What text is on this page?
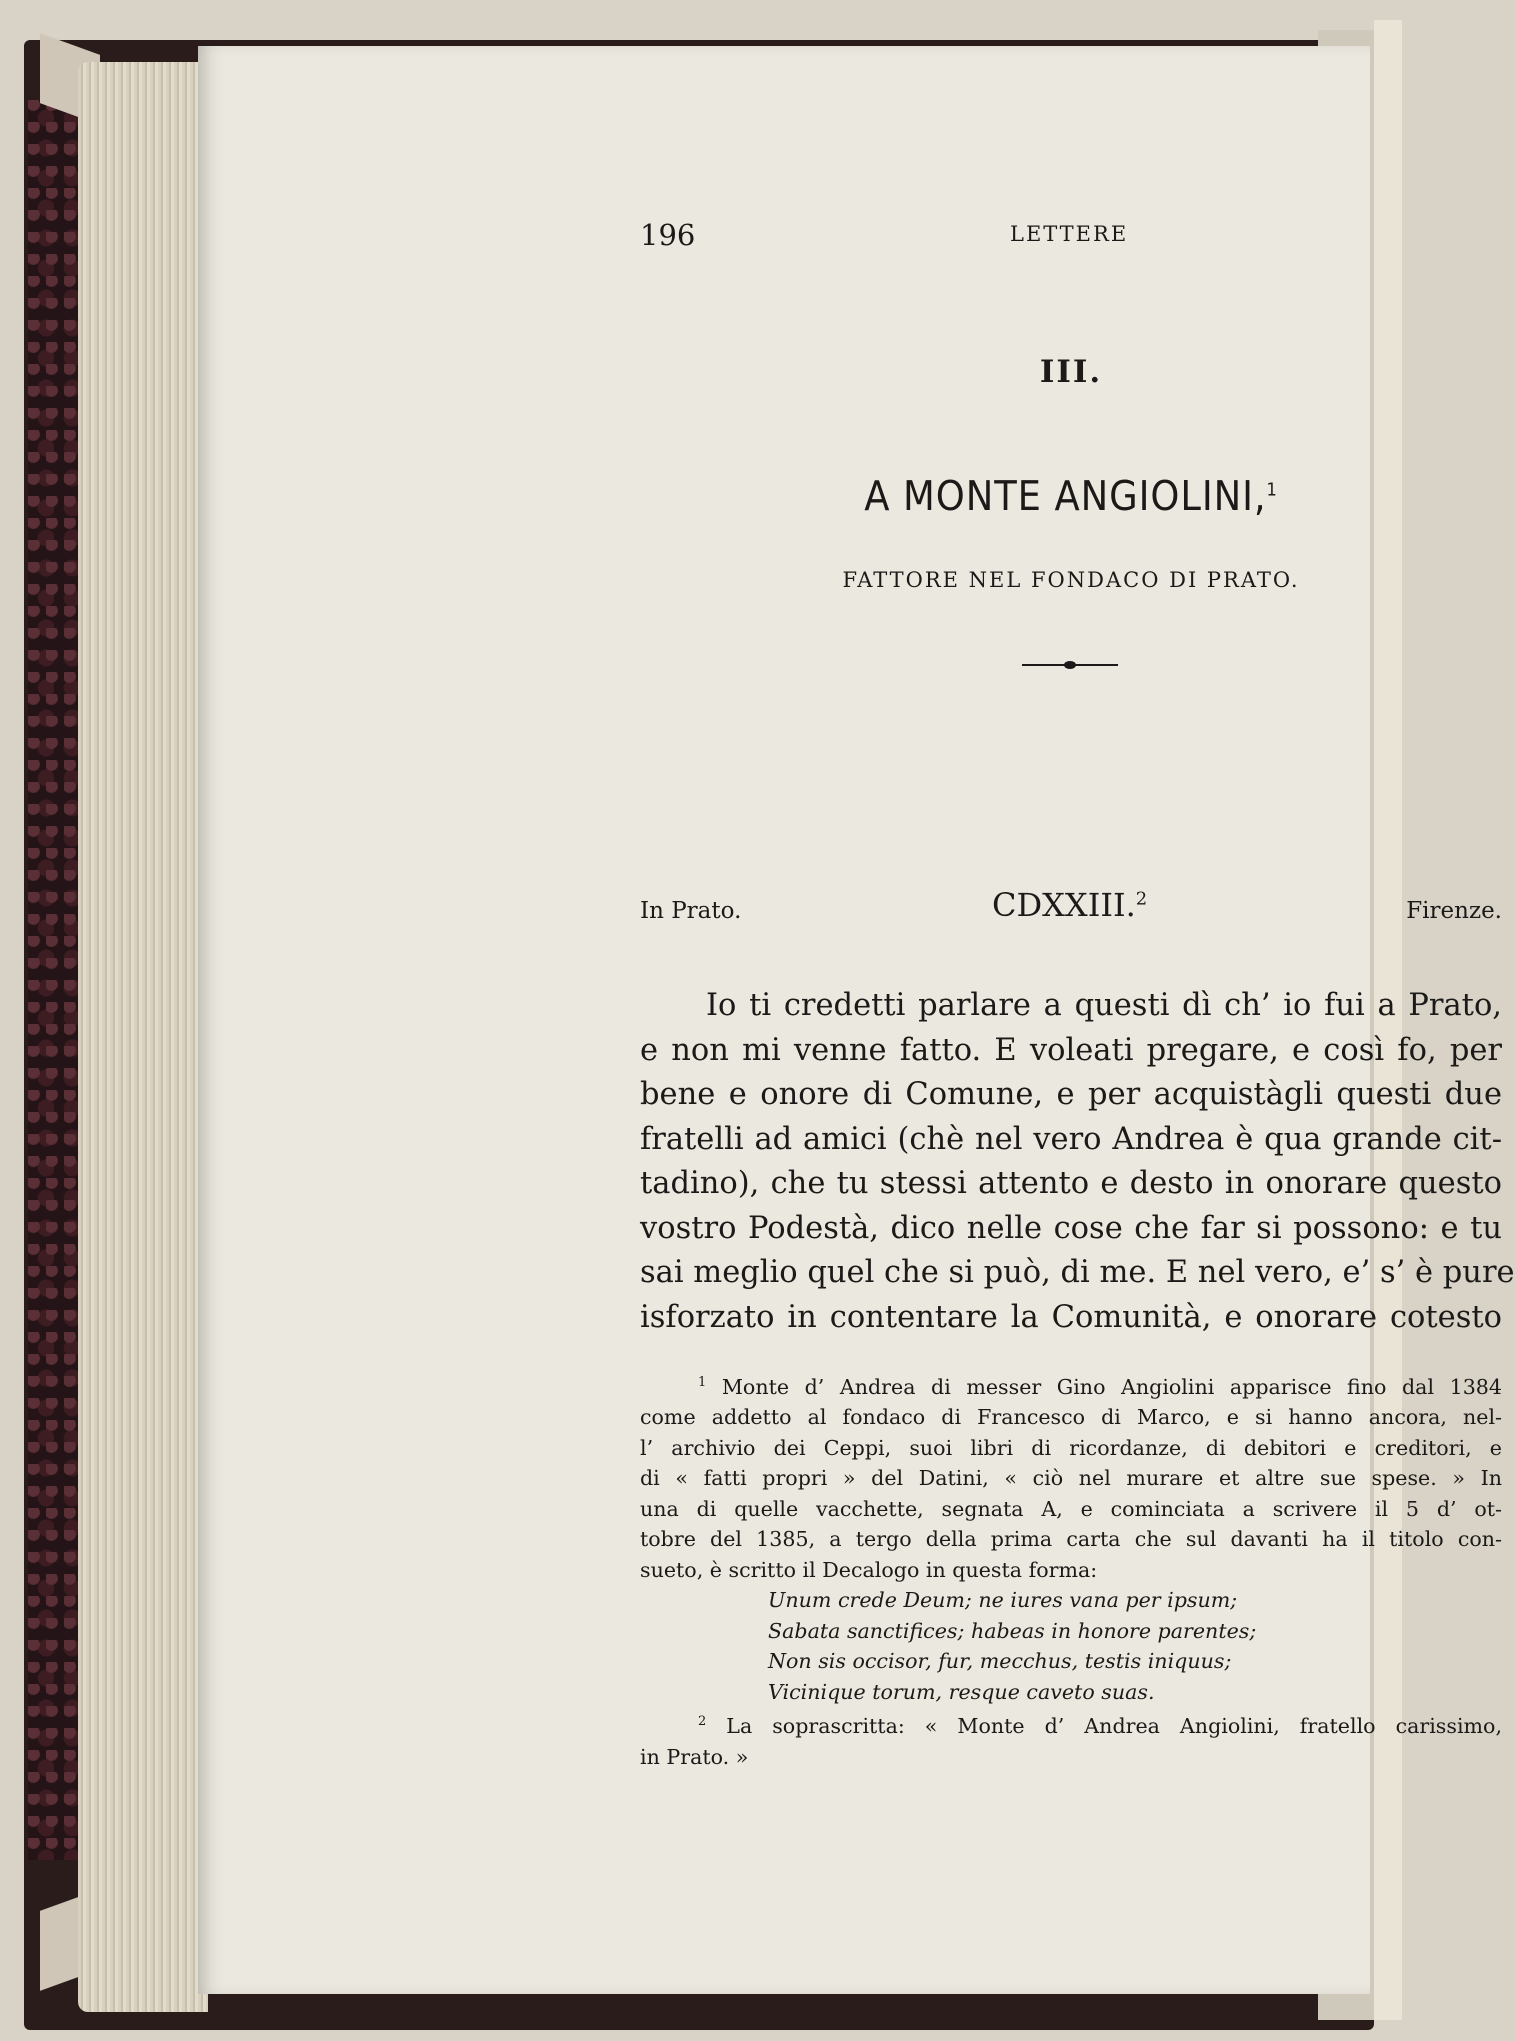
196	LETTERE
III.
A MONTE ANGIOLINI,$^1$
FATTORE NEL FONDACO DI PRATO.
In Prato.	CDXXIII.$^2$	Firenze.
Io ti credetti parlare a questi dì ch’ io fui a Prato,
e non mi venne fatto. E voleati pregare, e così fo, per
bene e onore di Comune, e per acquistàgli questi due
fratelli ad amici (chè nel vero Andrea è qua grande cit-
tadino), che tu stessi attento e desto in onorare questo
vostro Podestà, dico nelle cose che far si possono: e tu
sai meglio quel che si può, di me. E nel vero, e’ s’ è pure
isforzato in contentare la Comunità, e onorare cotesto
$^1$ Monte d’ Andrea di messer Gino Angiolini apparisce fino dal 1384
come addetto al fondaco di Francesco di Marco, e si hanno ancora, nel-
l’ archivio dei Ceppi, suoi libri di ricordanze, di debitori e creditori, e
di « fatti propri » del Datini, « ciò nel murare et altre sue spese. » In
una di quelle vacchette, segnata A, e cominciata a scrivere il 5 d’ ot-
tobre del 1385, a tergo della prima carta che sul davanti ha il titolo con-
sueto, è scritto il Decalogo in questa forma:
Unum crede Deum; ne iures vana per ipsum;
Sabata sanctifices; habeas in honore parentes;
Non sis occisor, fur, mecchus, testis iniquus;
Vicinique torum, resque caveto suas.
$^2$ La soprascritta: « Monte d’ Andrea Angiolini, fratello carissimo,
in Prato. »
